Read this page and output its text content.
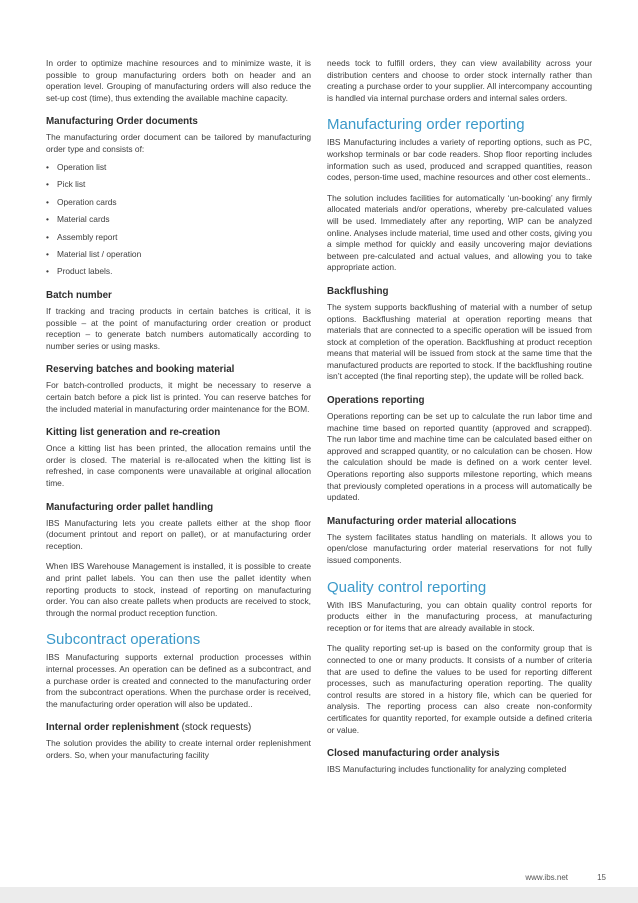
In order to optimize machine resources and to minimize waste, it is possible to group manufacturing orders both on header and an operation level. Grouping of manufacturing orders will also reduce the set-up cost (time), thus extending the available machine capacity.

Manufacturing Order documents

The manufacturing order document can be tailored by manufacturing order type and consists of:

• Operation list
• Pick list
• Operation cards
• Material cards
• Assembly report
• Material list / operation
• Product labels.
Batch number

If tracking and tracing products in certain batches is critical, it is possible – at the point of manufacturing order creation or product reception – to generate batch numbers automatically according to number series or using masks.

Reserving batches and booking material

For batch-controlled products, it might be necessary to reserve a certain batch before a pick list is printed. You can reserve batches for the included material in manufacturing order maintenance for the BOM.

Kitting list generation and re-creation

Once a kitting list has been printed, the allocation remains until the order is closed. The material is re-allocated when the kitting list is refreshed, in case components were unavailable at original allocation time.

Manufacturing order pallet handling

IBS Manufacturing lets you create pallets either at the shop floor (document printout and report on pallet), or at manufacturing order reception.

When IBS Warehouse Management is installed, it is possible to create and print pallet labels. You can then use the pallet identity when reporting products to stock, instead of reporting on manufacturing order. You can also create pallets when products are received to stock, through the normal product reception function.

Subcontract operations

IBS Manufacturing supports external production processes within internal processes. An operation can be defined as a subcontract, and a purchase order is created and connected to the manufacturing order from the subcontract operations. When the purchase order is received, the manufacturing order operation will also be updated..

Internal order replenishment (stock requests)

The solution provides the ability to create internal order replenishment orders. So, when your manufacturing facility

needs tock to fulfill orders, they can view availability across your distribution centers and choose to order stock internally rather than creating a purchase order to your supplier. All intercompany accounting is handled via internal purchase orders and internal sales orders.

Manufacturing order reporting

IBS Manufacturing includes a variety of reporting options, such as PC, workshop terminals or bar code readers. Shop floor reporting includes information such as used, produced and scrapped quantities, reason codes, person-time used, machine resources and other cost elements..

The solution includes facilities for automatically ‘un-booking’ any firmly allocated materials and/or operations, whereby pre-calculated values will be used. Immediately after any reporting, WIP can be analyzed online. Analyses include material, time used and other costs, giving you a simple method for quickly and easily uncovering major deviations between pre-calculated and actual values, and allowing you to take appropriate action.

Backflushing

The system supports backflushing of material with a number of setup options. Backflushing material at operation reporting means that materials that are connected to a specific operation will be issued from stock at completion of the operation. Backflushing at product reception means that material will be issued from stock at the same time that the manufactured products are reported to stock. If the backflushing routine isn’t accepted (the final reporting step), the update will be rolled back.

Operations reporting

Operations reporting can be set up to calculate the run labor time and machine time based on reported quantity (approved and scrapped). The run labor time and machine time can be calculated based either on approved and scrapped quantity, or no calculation can be chosen. How the calculation should be made is defined on a work center level. Operations reporting also supports milestone reporting, which means that previously completed operations in a process will automatically be updated.

Manufacturing order material allocations

The system facilitates status handling on materials. It allows you to open/close manufacturing order material reservations for not fully issued components.

Quality control reporting

With IBS Manufacturing, you can obtain quality control reports for products either in the manufacturing process, at manufacturing reception or for items that are already available in stock.

The quality reporting set-up is based on the conformity group that is connected to one or many products. It consists of a number of criteria that are used to define the values to be used for reporting different processes, such as manufacturing operation reporting. The quality control results are stored in a history file, which can be queried for analysis. The reporting process can also create non-conformity certificates for quantity reported, for example outside a defined criteria or value.

Closed manufacturing order analysis

IBS Manufacturing includes functionality for analyzing completed

www.ibs.net	15
